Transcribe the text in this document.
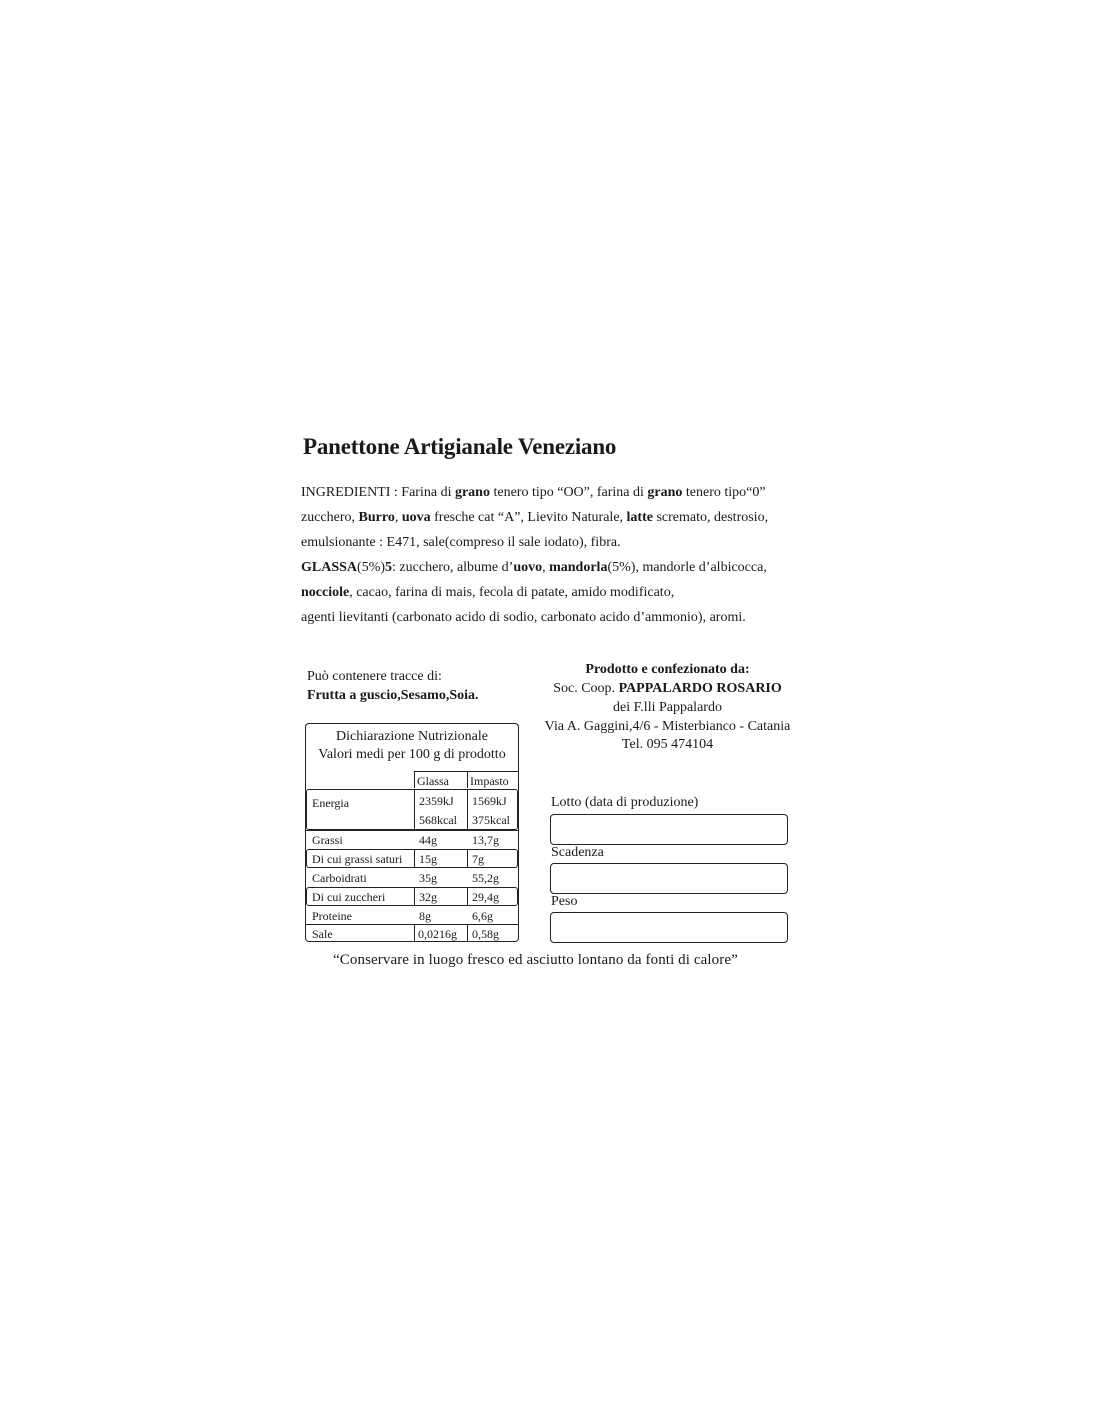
Panettone Artigianale Veneziano
INGREDIENTI : Farina di grano tenero tipo “OO”, farina di grano tenero tipo“0”
zucchero, Burro, uova fresche cat “A”, Lievito Naturale, latte scremato, destrosio,
emulsionante : E471, sale(compreso il sale iodato), fibra.
GLASSA(5%)5: zucchero, albume d’uovo, mandorla(5%), mandorle d’albicocca,
nocciole, cacao, farina di mais, fecola di patate, amido modificato,
agenti lievitanti (carbonato acido di sodio, carbonato acido d’ammonio), aromi.
Può contenere tracce di:
Frutta a guscio,Sesamo,Soia.
Prodotto e confezionato da:
Soc. Coop. PAPPALARDO ROSARIO
dei F.lli Pappalardo
Via A. Gaggini,4/6 - Misterbianco - Catania
Tel. 095 474104
Dichiarazione Nutrizionale
Valori medi per 100 g di prodotto
Glassa Impasto
Energia	2359kJ 1569kJ
568kcal 375kcal
Grassi	44g	13,7g
Di cui grassi saturi 15g	7g
Carboidrati	35g	55,2g
Di cui zuccheri	32g	29,4g
Proteine	8g	6,6g
Sale	0,0216g 0,58g
Lotto (data di produzione)
Scadenza
Peso
“Conservare in luogo fresco ed asciutto lontano da fonti di calore”
